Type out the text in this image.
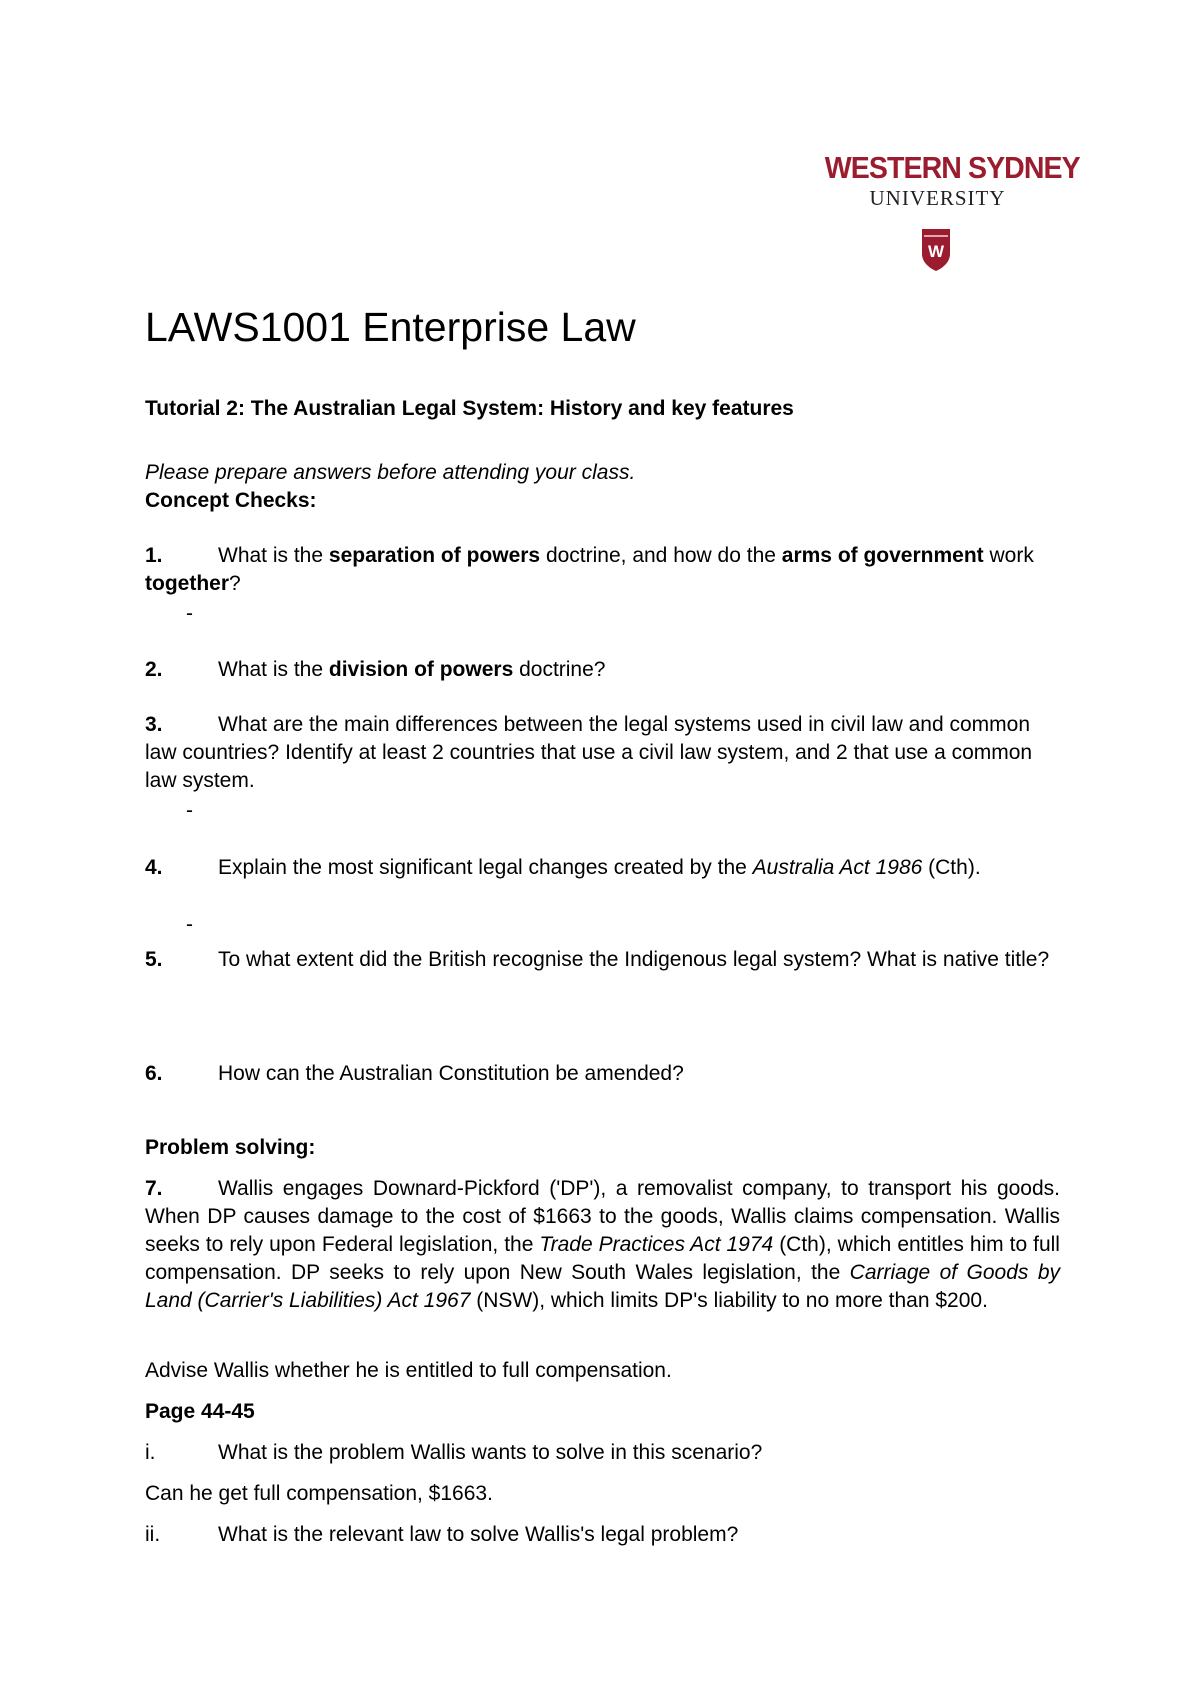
WESTERN SYDNEY
UNIVERSITY
W
LAWS1001 Enterprise Law
Tutorial 2: The Australian Legal System: History and key features
Please prepare answers before attending your class.
Concept Checks:
1.	What is the separation of powers doctrine, and how do the arms of government work together?
-
2.	What is the division of powers doctrine?
3.	What are the main differences between the legal systems used in civil law and common law countries? Identify at least 2 countries that use a civil law system, and 2 that use a common law system.
-
4.	Explain the most significant legal changes created by the Australia Act 1986 (Cth).
-
5.	To what extent did the British recognise the Indigenous legal system? What is native title?
6.	How can the Australian Constitution be amended?
Problem solving:
7.	Wallis engages Downard-Pickford ('DP'), a removalist company, to transport his goods. When DP causes damage to the cost of $1663 to the goods, Wallis claims compensation. Wallis seeks to rely upon Federal legislation, the Trade Practices Act 1974 (Cth), which entitles him to full compensation. DP seeks to rely upon New South Wales legislation, the Carriage of Goods by Land (Carrier's Liabilities) Act 1967 (NSW), which limits DP's liability to no more than $200.
Advise Wallis whether he is entitled to full compensation.
Page 44-45
i.	What is the problem Wallis wants to solve in this scenario?
Can he get full compensation, $1663.
ii.	What is the relevant law to solve Wallis's legal problem?
